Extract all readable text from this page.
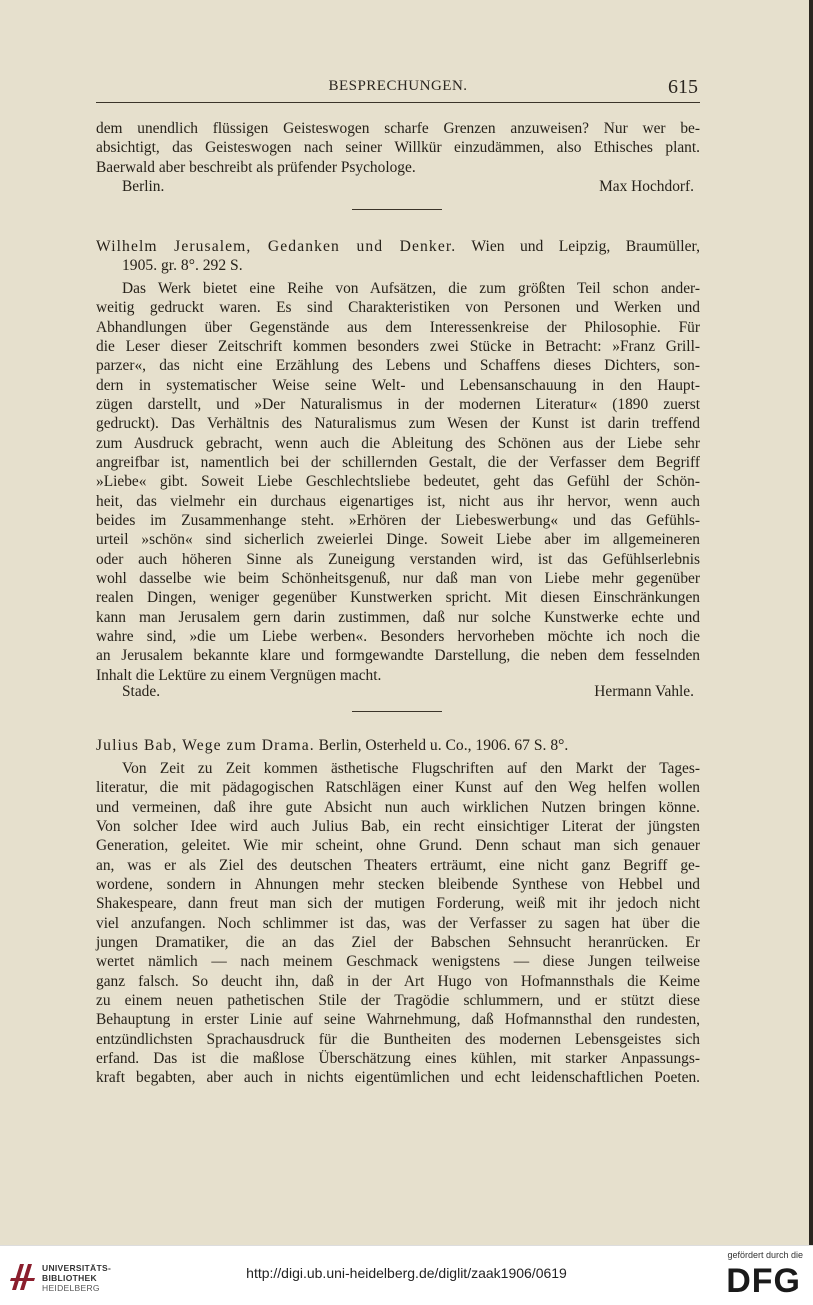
BESPRECHUNGEN.	615
dem unendlich flüssigen Geisteswogen scharfe Grenzen anzuweisen? Nur wer be-
absichtigt, das Geisteswogen nach seiner Willkür einzudämmen, also Ethisches plant.
Baerwald aber beschreibt als prüfender Psychologe.
Berlin.	Max Hochdorf.
Wilhelm Jerusalem, Gedanken und Denker. Wien und Leipzig, Braumüller,
1905. gr. 8°. 292 S.
Das Werk bietet eine Reihe von Aufsätzen, die zum größten Teil schon ander-
weitig gedruckt waren. Es sind Charakteristiken von Personen und Werken und
Abhandlungen über Gegenstände aus dem Interessenkreise der Philosophie. Für
die Leser dieser Zeitschrift kommen besonders zwei Stücke in Betracht: »Franz Grill-
parzer«, das nicht eine Erzählung des Lebens und Schaffens dieses Dichters, son-
dern in systematischer Weise seine Welt- und Lebensanschauung in den Haupt-
zügen darstellt, und »Der Naturalismus in der modernen Literatur« (1890 zuerst
gedruckt). Das Verhältnis des Naturalismus zum Wesen der Kunst ist darin treffend
zum Ausdruck gebracht, wenn auch die Ableitung des Schönen aus der Liebe sehr
angreifbar ist, namentlich bei der schillernden Gestalt, die der Verfasser dem Begriff
»Liebe« gibt. Soweit Liebe Geschlechtsliebe bedeutet, geht das Gefühl der Schön-
heit, das vielmehr ein durchaus eigenartiges ist, nicht aus ihr hervor, wenn auch
beides im Zusammenhange steht. »Erhören der Liebeswerbung« und das Gefühls-
urteil »schön« sind sicherlich zweierlei Dinge. Soweit Liebe aber im allgemeineren
oder auch höheren Sinne als Zuneigung verstanden wird, ist das Gefühlserlebnis
wohl dasselbe wie beim Schönheitsgenuß, nur daß man von Liebe mehr gegenüber
realen Dingen, weniger gegenüber Kunstwerken spricht. Mit diesen Einschränkungen
kann man Jerusalem gern darin zustimmen, daß nur solche Kunstwerke echte und
wahre sind, »die um Liebe werben«. Besonders hervorheben möchte ich noch die
an Jerusalem bekannte klare und formgewandte Darstellung, die neben dem fesselnden
Inhalt die Lektüre zu einem Vergnügen macht.
Stade.	Hermann Vahle.
Julius Bab, Wege zum Drama. Berlin, Osterheld u. Co., 1906. 67 S. 8°.
Von Zeit zu Zeit kommen ästhetische Flugschriften auf den Markt der Tages-
literatur, die mit pädagogischen Ratschlägen einer Kunst auf den Weg helfen wollen
und vermeinen, daß ihre gute Absicht nun auch wirklichen Nutzen bringen könne.
Von solcher Idee wird auch Julius Bab, ein recht einsichtiger Literat der jüngsten
Generation, geleitet. Wie mir scheint, ohne Grund. Denn schaut man sich genauer
an, was er als Ziel des deutschen Theaters erträumt, eine nicht ganz Begriff ge-
wordene, sondern in Ahnungen mehr stecken bleibende Synthese von Hebbel und
Shakespeare, dann freut man sich der mutigen Forderung, weiß mit ihr jedoch nicht
viel anzufangen. Noch schlimmer ist das, was der Verfasser zu sagen hat über die
jungen Dramatiker, die an das Ziel der Babschen Sehnsucht heranrücken. Er
wertet nämlich — nach meinem Geschmack wenigstens — diese Jungen teilweise
ganz falsch. So deucht ihn, daß in der Art Hugo von Hofmannsthals die Keime
zu einem neuen pathetischen Stile der Tragödie schlummern, und er stützt diese
Behauptung in erster Linie auf seine Wahrnehmung, daß Hofmannsthal den rundesten,
entzündlichsten Sprachausdruck für die Buntheiten des modernen Lebensgeistes sich
erfand. Das ist die maßlose Überschätzung eines kühlen, mit starker Anpassungs-
kraft begabten, aber auch in nichts eigentümlichen und echt leidenschaftlichen Poeten.
UNIVERSITÄTS-
BIBLIOTHEK
HEIDELBERG
http://digi.ub.uni-heidelberg.de/diglit/zaak1906/0619
gefördert durch die
DFG
